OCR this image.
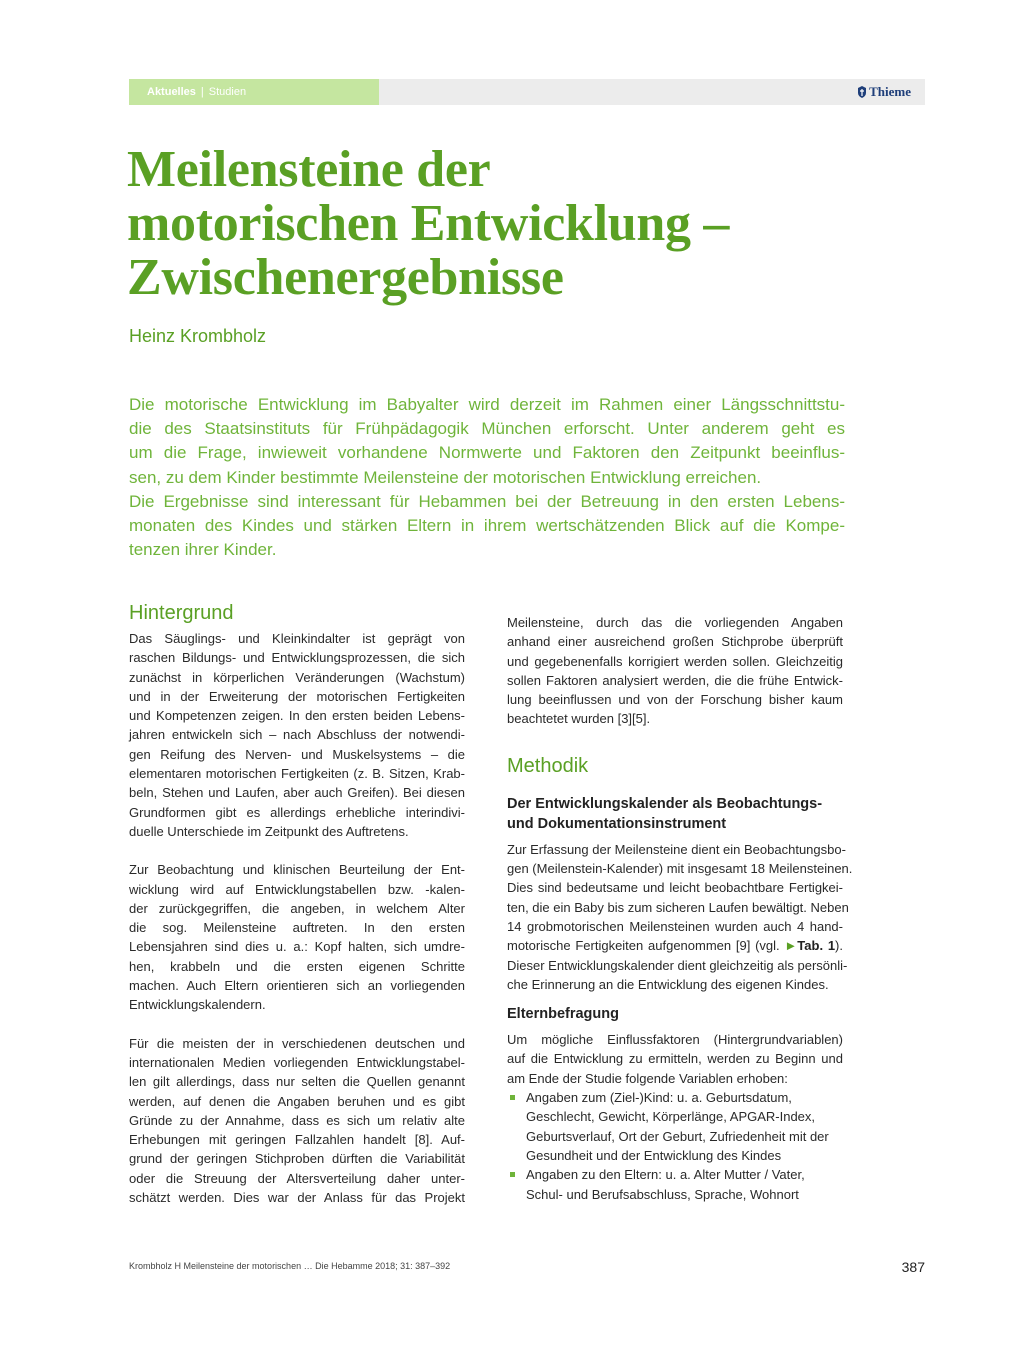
Aktuelles | Studien	Thieme
Meilensteine der
motorischen Entwicklung –
Zwischenergebnisse
Heinz Krombholz

Die motorische Entwicklung im Babyalter wird derzeit im Rahmen einer Längsschnittstu-
die des Staatsinstituts für Frühpädagogik München erforscht. Unter anderem geht es
um die Frage, inwieweit vorhandene Normwerte und Faktoren den Zeitpunkt beeinflus-
sen, zu dem Kinder bestimmte Meilensteine der motorischen Entwicklung erreichen.
Die Ergebnisse sind interessant für Hebammen bei der Betreuung in den ersten Lebens-
monaten des Kindes und stärken Eltern in ihrem wertschätzenden Blick auf die Kompe-
tenzen ihrer Kinder.

Hintergrund

Das Säuglings- und Kleinkindalter ist geprägt von
raschen Bildungs- und Entwicklungsprozessen, die sich
zunächst in körperlichen Veränderungen (Wachstum)
und in der Erweiterung der motorischen Fertigkeiten
und Kompetenzen zeigen. In den ersten beiden Lebens-
jahren entwickeln sich – nach Abschluss der notwendi-
gen Reifung des Nerven- und Muskelsystems – die
elementaren motorischen Fertigkeiten (z. B. Sitzen, Krab-
beln, Stehen und Laufen, aber auch Greifen). Bei diesen
Grundformen gibt es allerdings erhebliche interindivi-
duelle Unterschiede im Zeitpunkt des Auftretens.

Zur Beobachtung und klinischen Beurteilung der Ent-
wicklung wird auf Entwicklungstabellen bzw. -kalen-
der zurückgegriffen, die angeben, in welchem Alter
die sog. Meilensteine auftreten. In den ersten
Lebensjahren sind dies u. a.: Kopf halten, sich umdre-
hen, krabbeln und die ersten eigenen Schritte
machen. Auch Eltern orientieren sich an vorliegenden
Entwicklungskalendern.

Für die meisten der in verschiedenen deutschen und
internationalen Medien vorliegenden Entwicklungstabel-
len gilt allerdings, dass nur selten die Quellen genannt
werden, auf denen die Angaben beruhen und es gibt
Gründe zu der Annahme, dass es sich um relativ alte
Erhebungen mit geringen Fallzahlen handelt [8]. Auf-
grund der geringen Stichproben dürften die Variabilität
oder die Streuung der Altersverteilung daher unter-
schätzt werden. Dies war der Anlass für das Projekt

Meilensteine, durch das die vorliegenden Angaben
anhand einer ausreichend großen Stichprobe überprüft
und gegebenenfalls korrigiert werden sollen. Gleichzeitig
sollen Faktoren analysiert werden, die die frühe Entwick-
lung beeinflussen und von der Forschung bisher kaum
beachtetet wurden [3][5].

Methodik
Der Entwicklungskalender als Beobachtungs-
und Dokumentationsinstrument

Zur Erfassung der Meilensteine dient ein Beobachtungsbo-
gen (Meilenstein-Kalender) mit insgesamt 18 Meilensteinen.
Dies sind bedeutsame und leicht beobachtbare Fertigkei-
ten, die ein Baby bis zum sicheren Laufen bewältigt. Neben
14 grobmotorischen Meilensteinen wurden auch 4 hand-
motorische Fertigkeiten aufgenommen [9] (vgl. ►Tab. 1).
Dieser Entwicklungskalender dient gleichzeitig als persönli-
che Erinnerung an die Entwicklung des eigenen Kindes.

Elternbefragung

Um mögliche Einflussfaktoren (Hintergrundvariablen)
auf die Entwicklung zu ermitteln, werden zu Beginn und
am Ende der Studie folgende Variablen erhoben:

Angaben zum (Ziel-)Kind: u. a. Geburtsdatum,
Geschlecht, Gewicht, Körperlänge, APGAR-Index,
Geburtsverlauf, Ort der Geburt, Zufriedenheit mit der
Gesundheit und der Entwicklung des Kindes
Angaben zu den Eltern: u. a. Alter Mutter / Vater,
Schul- und Berufsabschluss, Sprache, Wohnort
Krombholz H Meilensteine der motorischen … Die Hebamme 2018; 31: 387–392	387
